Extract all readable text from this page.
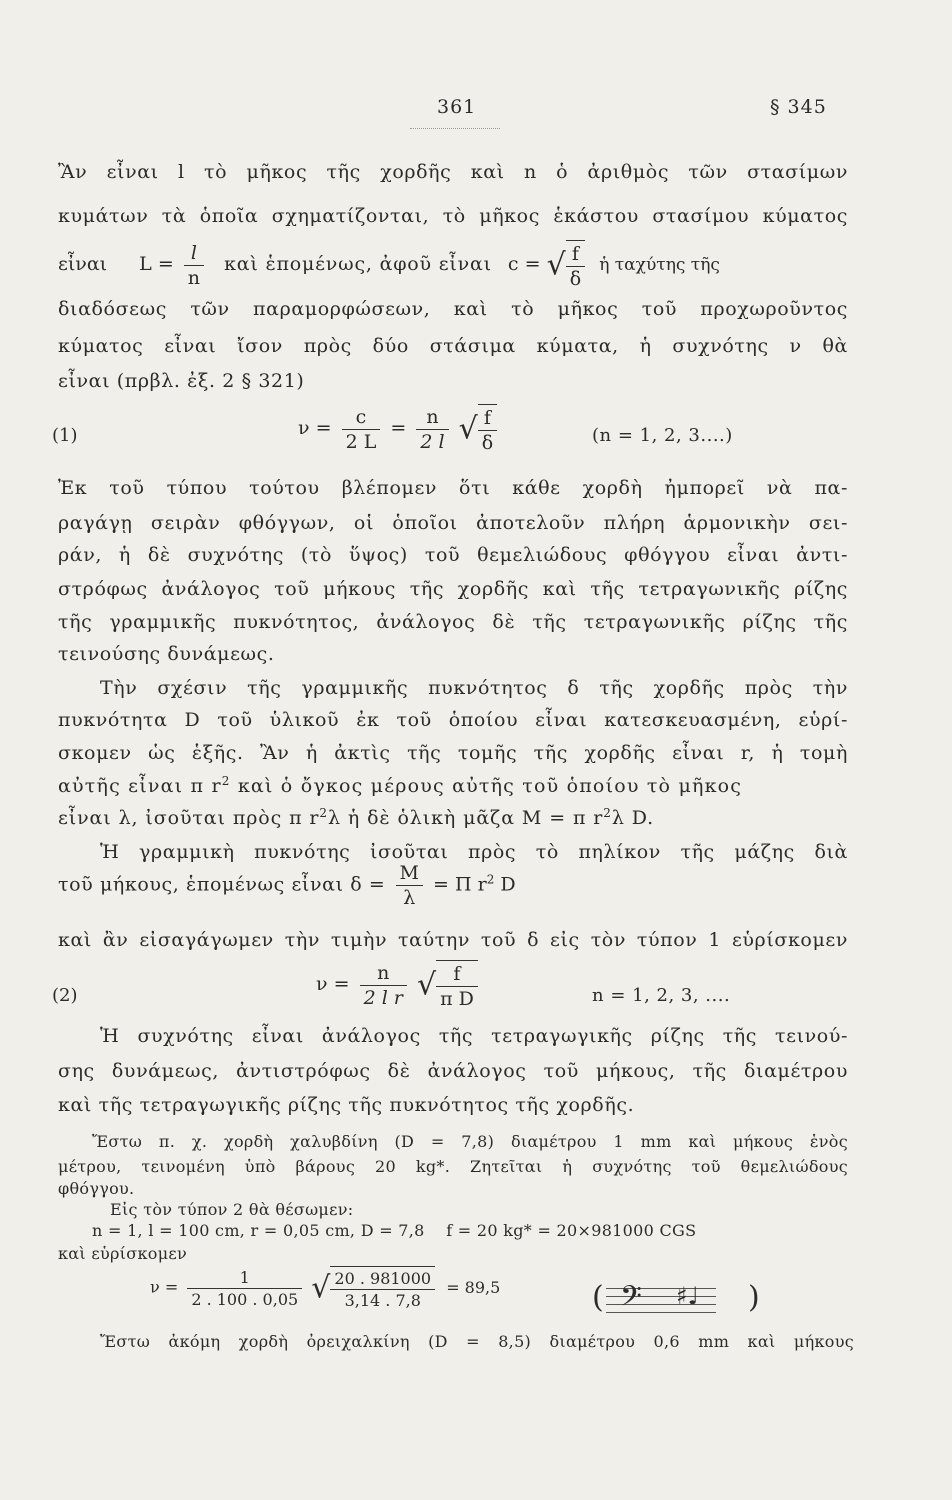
361	§ 345
Ἂν εἶναι l τὸ μῆκος τῆς χορδῆς καὶ n ὁ ἀριθμὸς τῶν στασίμων
κυμάτων τὰ ὁποῖα σχηματίζονται, τὸ μῆκος ἑκάστου στασίμου κύματος
εἶναι $L = \frac{l}{n}$ καὶ ἑπομένως, ἀφοῦ εἶναι c = √ $\frac{f}{\delta}$ ἡ ταχύτης τῆς
διαδόσεως τῶν παραμορφώσεων, καὶ τὸ μῆκος τοῦ προχωροῦντος
κύματος εἶναι ἴσον πρὸς δύο στάσιμα κύματα, ἡ συχνότης ν θὰ
εἶναι (πρβλ. ἐξ. 2 § 321)
(1)	$\nu = \frac{c}{2 L} = \frac{n}{2 l}$ √ $\frac{f}{\delta}$	(n = 1, 2, 3....)
Ἐκ τοῦ τύπου τούτου βλέπομεν ὅτι κάθε χορδὴ ἠμπορεῖ νὰ πα-
ραγάγῃ σειρὰν φθόγγων, οἱ ὁποῖοι ἀποτελοῦν πλήρη ἁρμονικὴν σει-
ράν, ἡ δὲ συχνότης (τὸ ὕψος) τοῦ θεμελιώδους φθόγγου εἶναι ἀντι-
στρόφως ἀνάλογος τοῦ μήκους τῆς χορδῆς καὶ τῆς τετραγωνικῆς ρίζης
τῆς γραμμικῆς πυκνότητος, ἀνάλογος δὲ τῆς τετραγωνικῆς ρίζης τῆς
τεινούσης δυνάμεως.
Τὴν σχέσιν τῆς γραμμικῆς πυκνότητος δ τῆς χορδῆς πρὸς τὴν
πυκνότητα D τοῦ ὑλικοῦ ἐκ τοῦ ὁποίου εἶναι κατεσκευασμένη, εὑρί-
σκομεν ὡς ἑξῆς. Ἂν ἡ ἀκτὶς τῆς τομῆς τῆς χορδῆς εἶναι r, ἡ τομὴ
αὐτῆς εἶναι π $r^2$ καὶ ὁ ὄγκος μέρους αὐτῆς τοῦ ὁποίου τὸ μῆκος
εἶναι λ, ἰσοῦται πρὸς π $r^2\lambda$ ἡ δὲ ὁλικὴ μᾶζα M = π $r^2\lambda$ D.
Ἡ γραμμικὴ πυκνότης ἰσοῦται πρὸς τὸ πηλίκον τῆς μάζης διὰ
τοῦ μήκους, ἑπομένως εἶναι $\delta = \frac{M}{\lambda} = \Pi$ $r^2$ D
καὶ ἂν εἰσαγάγωμεν τὴν τιμὴν ταύτην τοῦ δ εἰς τὸν τύπον 1 εὑρίσκομεν
(2)
$\nu = \frac{n}{\text{2 l r}}$ √ $\frac{f}{\text{π D}}$	n = 1, 2, 3, ....
Ἡ συχνότης εἶναι ἀνάλογος τῆς τετραγωγικῆς ρίζης τῆς τεινού-
σης δυνάμεως, ἀντιστρόφως δὲ ἀνάλογος τοῦ μήκους, τῆς διαμέτρου
καὶ τῆς τετραγωγικῆς ρίζης τῆς πυκνότητος τῆς χορδῆς.
Ἔστω π. χ. χορδὴ χαλυβδίνη (D = 7,8) διαμέτρου 1 mm καὶ μήκους ἑνὸς
μέτρου, τεινομένη ὑπὸ βάρους 20 kg*. Ζητεῖται ἡ συχνότης τοῦ θεμελιώδους
φθόγγου.
Εἰς τὸν τύπον 2 θὰ θέσωμεν:
n = 1, l = 100 cm, r = 0,05 cm, D = 7,8    f = 20 kg* = 20×981000 CGS
καὶ εὑρίσκομεν
$\nu = \frac{1}{2 . 100 . 0,05}$ √ $\frac{20 . 981000}{3,14 . 7,8} = 89,5$	( 𝄢 ♯♩ )
Ἔστω ἀκόμη χορδὴ ὀρειχαλκίνη (D = 8,5) διαμέτρου 0,6 mm καὶ μήκους
